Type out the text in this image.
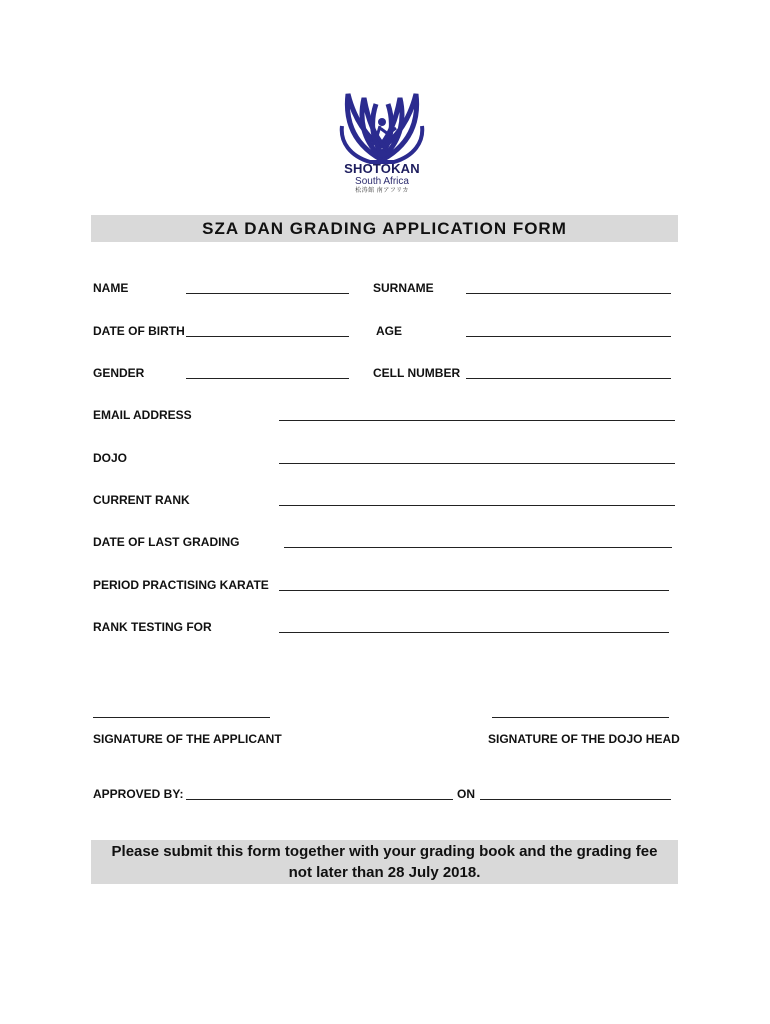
SHOTOKAN
South Africa
松涛館 南アフリカ
SZA DAN GRADING APPLICATION FORM
NAME	SURNAME
DATE OF BIRTH	AGE
GENDER	CELL NUMBER
EMAIL ADDRESS
DOJO
CURRENT RANK
DATE OF LAST GRADING
PERIOD PRACTISING KARATE
RANK TESTING FOR
SIGNATURE OF THE APPLICANT	SIGNATURE OF THE DOJO HEAD
APPROVED BY:	ON
Please submit this form together with your grading book and the grading fee
not later than 28 July 2018.
